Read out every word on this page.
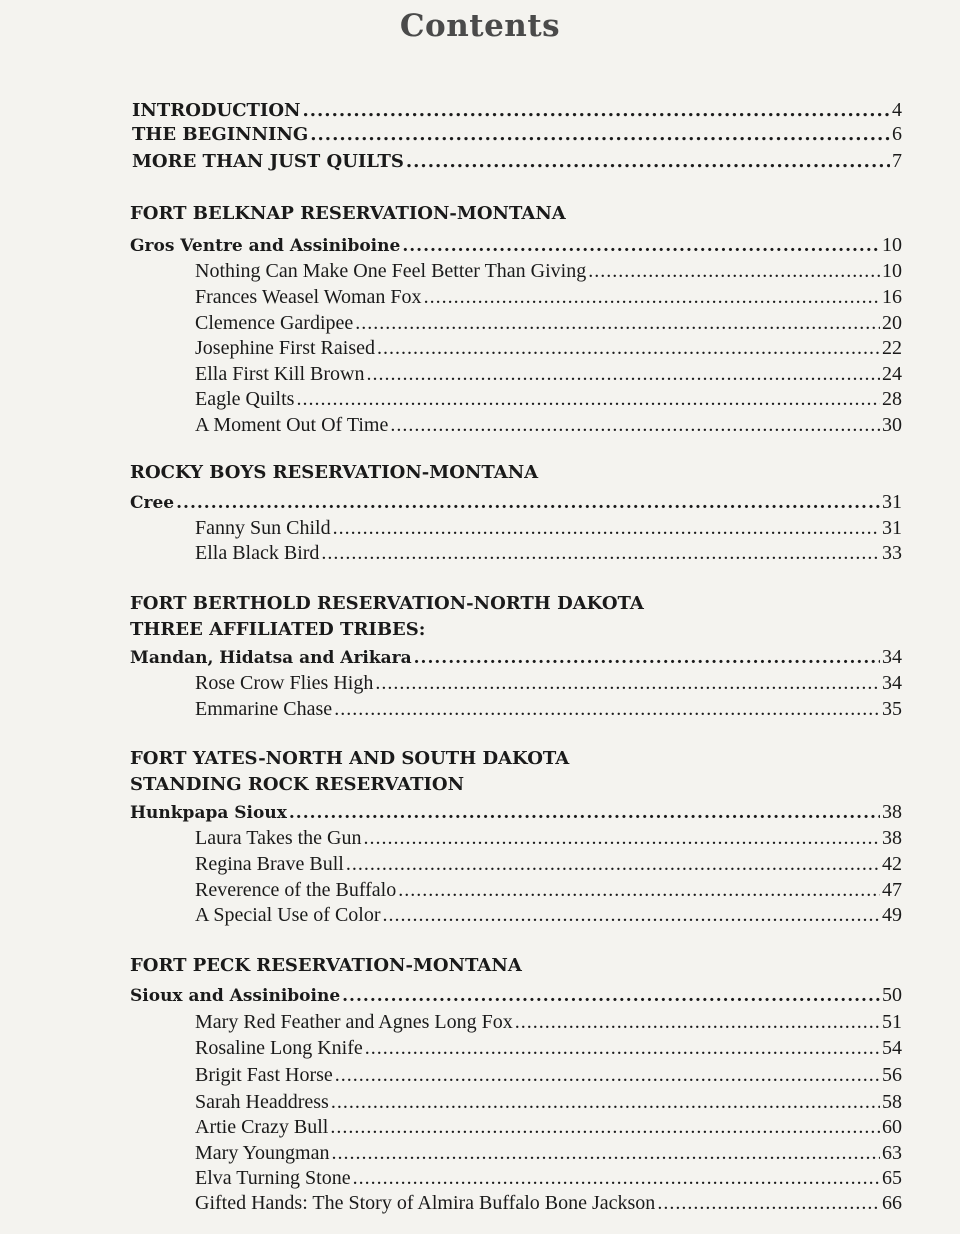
Contents
INTRODUCTION .....	4
THE BEGINNING .....	6
MORE THAN JUST QUILTS .....	7
FORT BELKNAP RESERVATION-MONTANA
Gros Ventre and Assiniboine .....	10
Nothing Can Make One Feel Better Than Giving .....	10
Frances Weasel Woman Fox .....	16
Clemence Gardipee .....	20
Josephine First Raised .....	22
Ella First Kill Brown .....	24
Eagle Quilts .....	28
A Moment Out Of Time .....	30
ROCKY BOYS RESERVATION-MONTANA
Cree .....	31
Fanny Sun Child .....	31
Ella Black Bird .....	33
FORT BERTHOLD RESERVATION-NORTH DAKOTA
THREE AFFILIATED TRIBES:
Mandan, Hidatsa and Arikara .....	34
Rose Crow Flies High .....	34
Emmarine Chase .....	35
FORT YATES-NORTH AND SOUTH DAKOTA
STANDING ROCK RESERVATION
Hunkpapa Sioux .....	38
Laura Takes the Gun .....	38
Regina Brave Bull .....	42
Reverence of the Buffalo .....	47
A Special Use of Color .....	49
FORT PECK RESERVATION-MONTANA
Sioux and Assiniboine .....	50
Mary Red Feather and Agnes Long Fox .....	51
Rosaline Long Knife .....	54
Brigit Fast Horse .....	56
Sarah Headdress .....	58
Artie Crazy Bull .....	60
Mary Youngman .....	63
Elva Turning Stone .....	65
Gifted Hands: The Story of Almira Buffalo Bone Jackson .....	66
